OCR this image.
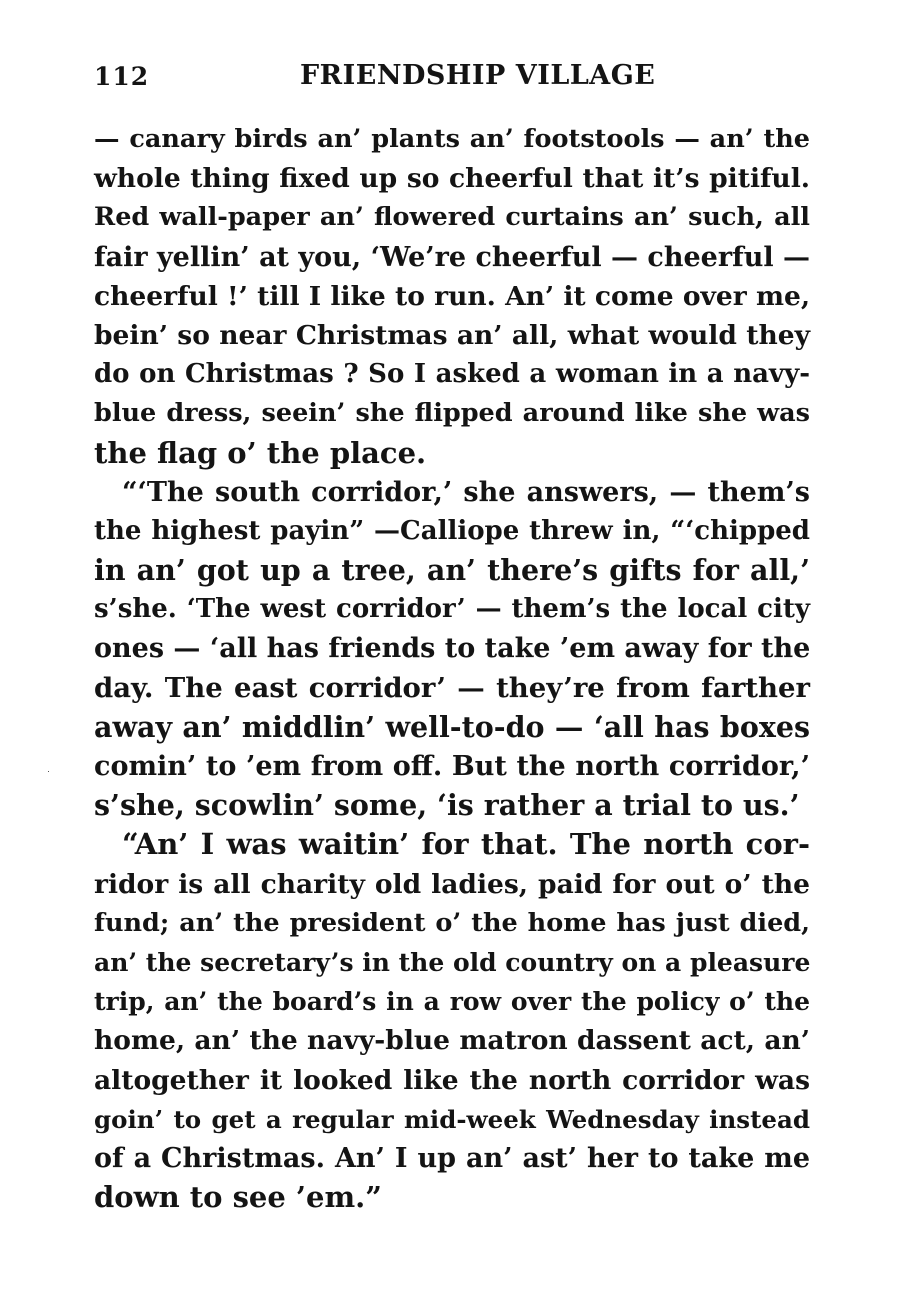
112	FRIENDSHIP VILLAGE
— canary birds an’ plants an’ footstools — an’ the
whole thing fixed up so cheerful that it’s pitiful.
Red wall-paper an’ flowered curtains an’ such, all
fair yellin’ at you, ‘We’re cheerful — cheerful —
cheerful !’ till I like to run. An’ it come over me,
bein’ so near Christmas an’ all, what would they
do on Christmas ? So I asked a woman in a navy-
blue dress, seein’ she flipped around like she was
the flag o’ the place.
“‘The south corridor,’ she answers, — them’s
the highest payin” —Calliope threw in, “‘chipped
in an’ got up a tree, an’ there’s gifts for all,’
s’she. ‘The west corridor’ — them’s the local city
ones — ‘all has friends to take ’em away for the
day. The east corridor’ — they’re from farther
away an’ middlin’ well-to-do — ‘all has boxes
comin’ to ’em from off. But the north corridor,’
s’she, scowlin’ some, ‘is rather a trial to us.’
“An’ I was waitin’ for that. The north cor-
ridor is all charity old ladies, paid for out o’ the
fund; an’ the president o’ the home has just died,
an’ the secretary’s in the old country on a pleasure
trip, an’ the board’s in a row over the policy o’ the
home, an’ the navy-blue matron dassent act, an’
altogether it looked like the north corridor was
goin’ to get a regular mid-week Wednesday instead
of a Christmas. An’ I up an’ ast’ her to take me
down to see ’em.”
